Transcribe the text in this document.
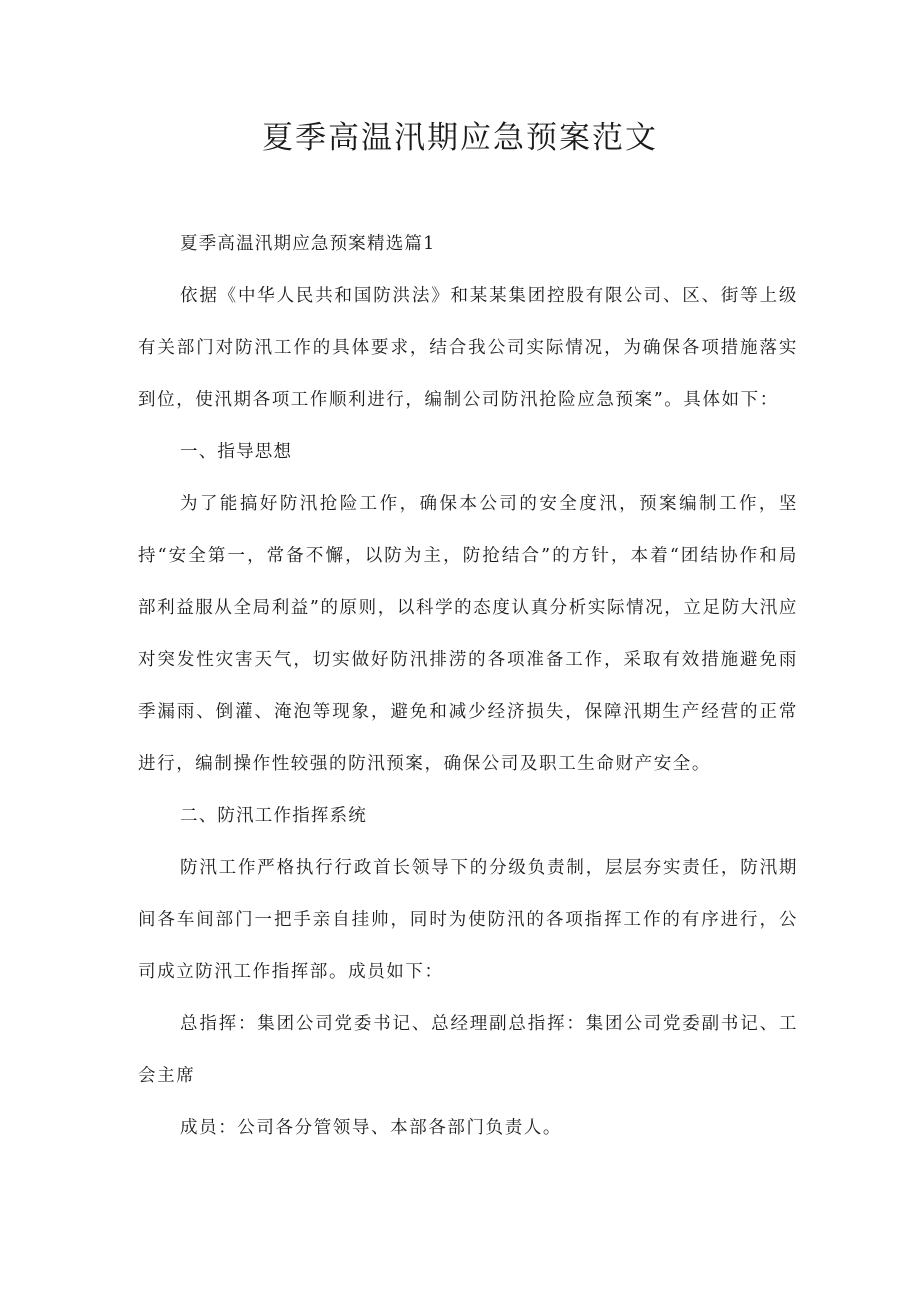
夏季高温汛期应急预案范文

夏季高温汛期应急预案精选篇1

依据《中华人民共和国防洪法》和某某集团控股有限公司、区、街等上级有关部门对防汛工作的具体要求，结合我公司实际情况，为确保各项措施落实到位，使汛期各项工作顺利进行，编制公司防汛抢险应急预案”。具体如下：

一、指导思想

为了能搞好防汛抢险工作，确保本公司的安全度汛，预案编制工作，坚持“安全第一，常备不懈，以防为主，防抢结合”的方针，本着“团结协作和局部利益服从全局利益”的原则，以科学的态度认真分析实际情况，立足防大汛应对突发性灾害天气，切实做好防汛排涝的各项准备工作，采取有效措施避免雨季漏雨、倒灌、淹泡等现象，避免和减少经济损失，保障汛期生产经营的正常进行，编制操作性较强的防汛预案，确保公司及职工生命财产安全。

二、防汛工作指挥系统

防汛工作严格执行行政首长领导下的分级负责制，层层夯实责任，防汛期间各车间部门一把手亲自挂帅，同时为使防汛的各项指挥工作的有序进行，公司成立防汛工作指挥部。成员如下：

总指挥：集团公司党委书记、总经理副总指挥：集团公司党委副书记、工会主席

成员：公司各分管领导、本部各部门负责人。
